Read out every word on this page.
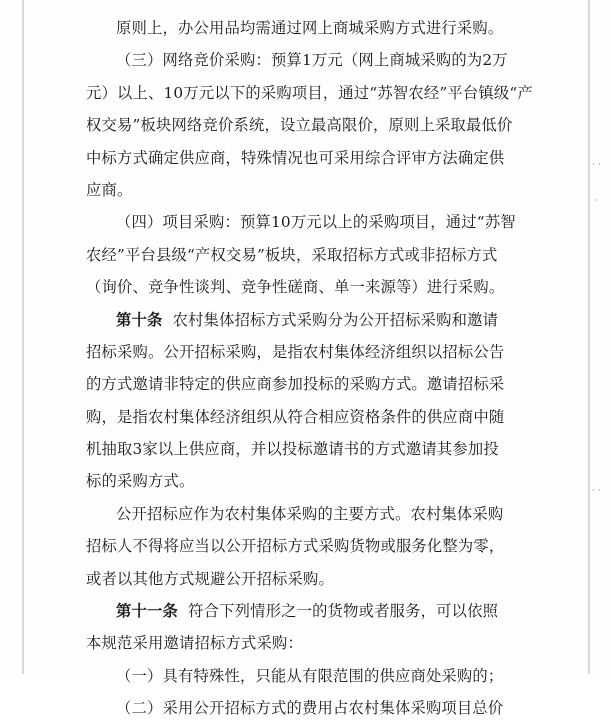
原则上，办公用品均需通过网上商城采购方式进行采购。
（三）网络竞价采购：预算1万元（网上商城采购的为2万
元）以上、10万元以下的采购项目，通过“苏智农经”平台镇级“产
权交易”板块网络竞价系统，设立最高限价，原则上采取最低价
中标方式确定供应商，特殊情况也可采用综合评审方法确定供
应商。
（四）项目采购：预算10万元以上的采购项目，通过“苏智
农经”平台县级“产权交易”板块，采取招标方式或非招标方式
（询价、竞争性谈判、竞争性磋商、单一来源等）进行采购。
第十条 农村集体招标方式采购分为公开招标采购和邀请
招标采购。公开招标采购，是指农村集体经济组织以招标公告
的方式邀请非特定的供应商参加投标的采购方式。邀请招标采
购，是指农村集体经济组织从符合相应资格条件的供应商中随
机抽取3家以上供应商，并以投标邀请书的方式邀请其参加投
标的采购方式。
公开招标应作为农村集体采购的主要方式。农村集体采购
招标人不得将应当以公开招标方式采购货物或服务化整为零，
或者以其他方式规避公开招标采购。
第十一条 符合下列情形之一的货物或者服务，可以依照
本规范采用邀请招标方式采购：
（一）具有特殊性，只能从有限范围的供应商处采购的；
（二）采用公开招标方式的费用占农村集体采购项目总价
· ·
·
· ·
